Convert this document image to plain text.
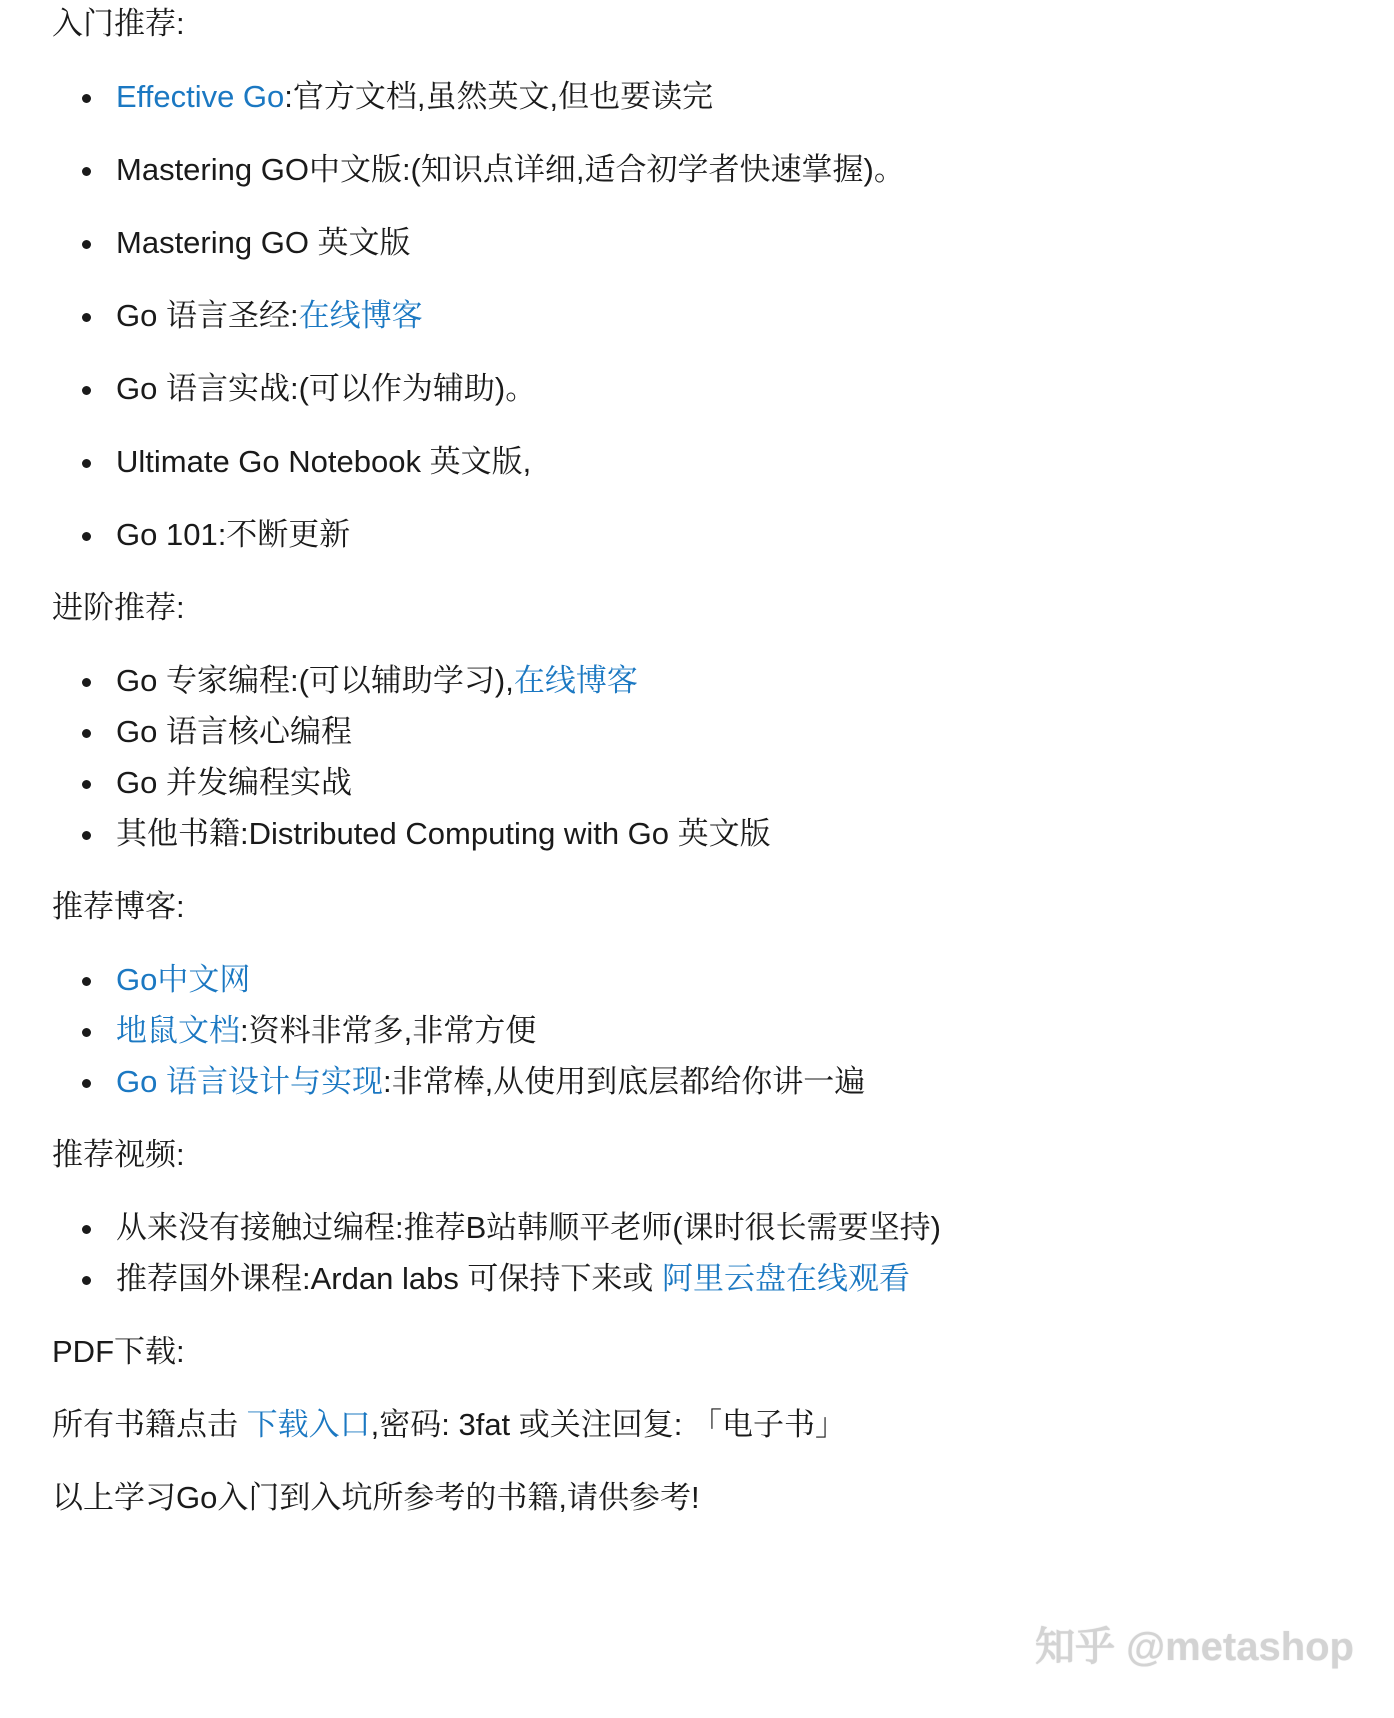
入门推荐:
Effective Go:官方文档,虽然英文,但也要读完
Mastering GO中文版:(知识点详细,适合初学者快速掌握)。
Mastering GO 英文版
Go 语言圣经:在线博客
Go 语言实战:(可以作为辅助)。
Ultimate Go Notebook 英文版,
Go 101:不断更新
进阶推荐:
Go 专家编程:(可以辅助学习),在线博客
Go 语言核心编程
Go 并发编程实战
其他书籍:Distributed Computing with Go 英文版
推荐博客:
Go中文网
地鼠文档:资料非常多,非常方便
Go 语言设计与实现:非常棒,从使用到底层都给你讲一遍
推荐视频:
从来没有接触过编程:推荐B站韩顺平老师(课时很长需要坚持)
推荐国外课程:Ardan labs 可保持下来或 阿里云盘在线观看
PDF下载:
所有书籍点击 下载入口,密码: 3fat 或关注回复: 「电子书」
以上学习Go入门到入坑所参考的书籍,请供参考!
知乎 @metashop
